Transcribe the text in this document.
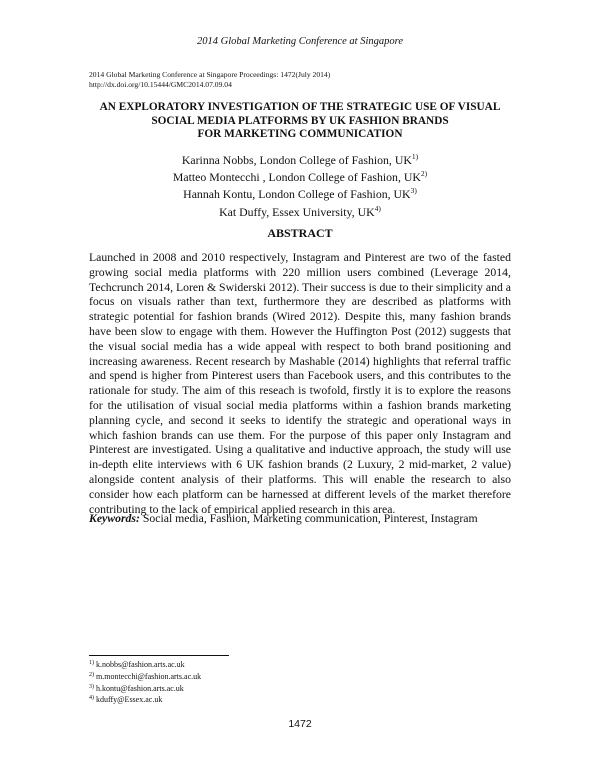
2014 Global Marketing Conference at Singapore
2014 Global Marketing Conference at Singapore Proceedings: 1472(July 2014)
http://dx.doi.org/10.15444/GMC2014.07.09.04
AN EXPLORATORY INVESTIGATION OF THE STRATEGIC USE OF VISUAL
SOCIAL MEDIA PLATFORMS BY UK FASHION BRANDS
FOR MARKETING COMMUNICATION
Karinna Nobbs, London College of Fashion, UK$^{1)}$
Matteo Montecchi , London College of Fashion, UK$^{2)}$
Hannah Kontu, London College of Fashion, UK$^{3)}$
Kat Duffy, Essex University, UK$^{4)}$
ABSTRACT

Launched in 2008 and 2010 respectively, Instagram and Pinterest are two of the fasted growing social media platforms with 220 million users combined (Leverage 2014, Techcrunch 2014, Loren & Swiderski 2012). Their success is due to their simplicity and a focus on visuals rather than text, furthermore they are described as platforms with strategic potential for fashion brands (Wired 2012). Despite this, many fashion brands have been slow to engage with them. However the Huffington Post (2012) suggests that the visual social media has a wide appeal with respect to both brand positioning and increasing awareness. Recent research by Mashable (2014) highlights that referral traffic and spend is higher from Pinterest users than Facebook users, and this contributes to the rationale for study. The aim of this reseach is twofold, firstly it is to explore the reasons for the utilisation of visual social media platforms within a fashion brands marketing planning cycle, and second it seeks to identify the strategic and operational ways in which fashion brands can use them. For the purpose of this paper only Instagram and Pinterest are investigated. Using a qualitative and inductive approach, the study will use in-depth elite interviews with 6 UK fashion brands (2 Luxury, 2 mid-market, 2 value) alongside content analysis of their platforms. This will enable the research to also consider how each platform can be harnessed at different levels of the market therefore contributing to the lack of empirical applied research in this area.

Keywords: Social media, Fashion, Marketing communication, Pinterest, Instagram
$^{1)}$ k.nobbs@fashion.arts.ac.uk
$^{2)}$ m.montecchi@fashion.arts.ac.uk
$^{3)}$ h.kontu@fashion.arts.ac.uk
$^{4)}$ kduffy@Essex.ac.uk
1472
